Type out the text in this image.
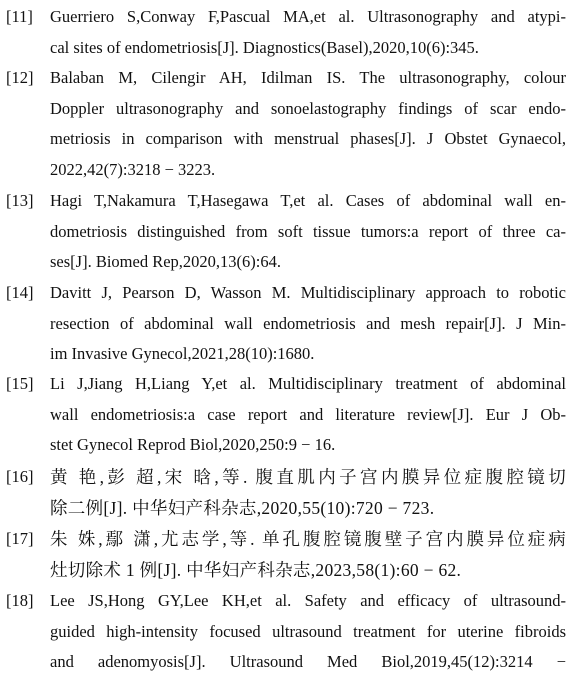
[11]	Guerriero S,Conway F,Pascual MA,et al. Ultrasonography and atypi-
cal sites of endometriosis[J]. Diagnostics(Basel),2020,10(6):345.
[12]	Balaban M, Cilengir AH, Idilman IS. The ultrasonography, colour
Doppler ultrasonography and sonoelastography findings of scar endo-
metriosis in comparison with menstrual phases[J]. J Obstet Gynaecol,
2022,42(7):3218 − 3223.
[13]	Hagi T,Nakamura T,Hasegawa T,et al. Cases of abdominal wall en-
dometriosis distinguished from soft tissue tumors:a report of three ca-
ses[J]. Biomed Rep,2020,13(6):64.
[14]	Davitt J, Pearson D, Wasson M. Multidisciplinary approach to robotic
resection of abdominal wall endometriosis and mesh repair[J]. J Min-
im Invasive Gynecol,2021,28(10):1680.
[15]	Li J,Jiang H,Liang Y,et al. Multidisciplinary treatment of abdominal
wall endometriosis:a case report and literature review[J]. Eur J Ob-
stet Gynecol Reprod Biol,2020,250:9 − 16.
[16] 黄 艳,彭 超,宋 晗,等. 腹直肌内子宫内膜异位症腹腔镜切
除二例[J]. 中华妇产科杂志,2020,55(10):720 − 723.
[17] 朱 姝,鄢 潇,尤志学,等. 单孔腹腔镜腹壁子宫内膜异位症病
灶切除术 1 例[J]. 中华妇产科杂志,2023,58(1):60 − 62.
[18]	Lee JS,Hong GY,Lee KH,et al. Safety and efficacy of ultrasound-
guided high-intensity focused ultrasound treatment for uterine fibroids
and adenomyosis[J]. Ultrasound Med Biol,2019,45(12):3214 −
